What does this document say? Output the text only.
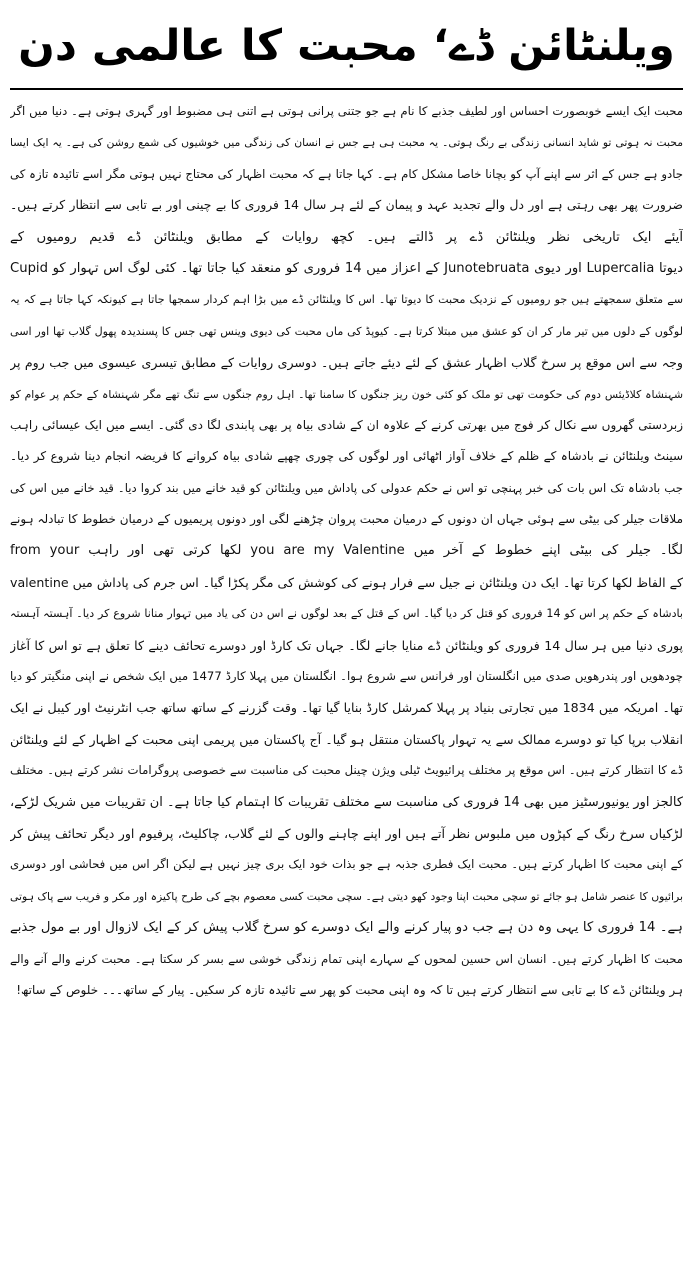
ویلنٹائن ڈے‘ محبت کا عالمی دن
محبت ایک ایسے خوبصورت احساس اور لطیف جذبے کا نام ہے جو جتنی پرانی ہوتی ہے اتنی ہی مضبوط اور گہری ہوتی ہے۔ دنیا میں اگر
محبت نہ ہوتی تو شاید انسانی زندگی بے رنگ ہوتی۔ یہ محبت ہی ہے جس نے انسان کی زندگی میں خوشیوں کی شمع روشن کی ہے۔ یہ ایک ایسا
جادو ہے جس کے اثر سے اپنے آپ کو بچانا خاصا مشکل کام ہے۔ کہا جاتا ہے کہ محبت اظہار کی محتاج نہیں ہوتی مگر اسے تائیدہ تازہ کی
ضرورت پھر بھی رہتی ہے اور دل والے تجدید عہد و پیمان کے لئے ہر سال 14 فروری کا بے چینی اور بے تابی سے انتظار کرتے ہیں۔
آیئے ایک تاریخی نظر ویلنٹائن ڈے پر ڈالتے ہیں۔ کچھ روایات کے مطابق ویلنٹائن ڈے قدیم رومیوں کے
دیوتا Lupercalia اور دیوی Junotebruata کے اعزاز میں 14 فروری کو منعقد کیا جاتا تھا۔ کئی لوگ اس تہوار کو Cupid
سے متعلق سمجھتے ہیں جو رومیوں کے نزدیک محبت کا دیوتا تھا۔ اس کا ویلنٹائن ڈے میں بڑا اہم کردار سمجھا جاتا ہے کیونکہ کہا جاتا ہے کہ یہ
لوگوں کے دلوں میں تیر مار کر ان کو عشق میں مبتلا کرتا ہے۔ کیوپڈ کی ماں محبت کی دیوی وینس تھی جس کا پسندیدہ پھول گلاب تھا اور اسی
وجہ سے اس موقع پر سرخ گلاب اظہار عشق کے لئے دیئے جاتے ہیں۔ دوسری روایات کے مطابق تیسری عیسوی میں جب روم پر
شہنشاہ کلاڈیئس دوم کی حکومت تھی تو ملک کو کئی خون ریز جنگوں کا سامنا تھا۔ اہل روم جنگوں سے تنگ تھے مگر شہنشاہ کے حکم پر عوام کو
زبردستی گھروں سے نکال کر فوج میں بھرتی کرنے کے علاوہ ان کے شادی بیاہ پر بھی پابندی لگا دی گئی۔ ایسے میں ایک عیسائی راہب
سینٹ ویلنٹائن نے بادشاہ کے ظلم کے خلاف آواز اٹھائی اور لوگوں کی چوری چھپے شادی بیاہ کروانے کا فریضہ انجام دینا شروع کر دیا۔
جب بادشاہ تک اس بات کی خبر پہنچی تو اس نے حکم عدولی کی پاداش میں ویلنٹائن کو قید خانے میں بند کروا دیا۔ قید خانے میں اس کی
ملاقات جیلر کی بیٹی سے ہوئی جہاں ان دونوں کے درمیان محبت پروان چڑھنے لگی اور دونوں پریمیوں کے درمیان خطوط کا تبادلہ ہونے
لگا۔ جیلر کی بیٹی اپنے خطوط کے آخر میں you are my Valentine لکھا کرتی تھی اور راہب from your
valentine کے الفاظ لکھا کرتا تھا۔ ایک دن ویلنٹائن نے جیل سے فرار ہونے کی کوشش کی مگر پکڑا گیا۔ اس جرم کی پاداش میں
بادشاہ کے حکم پر اس کو 14 فروری کو قتل کر دیا گیا۔ اس کے قتل کے بعد لوگوں نے اس دن کی یاد میں تہوار منانا شروع کر دیا۔ آہستہ آہستہ
پوری دنیا میں ہر سال 14 فروری کو ویلنٹائن ڈے منایا جانے لگا۔ جہاں تک کارڈ اور دوسرے تحائف دینے کا تعلق ہے تو اس کا آغاز
چودھویں اور پندرھویں صدی میں انگلستان اور فرانس سے شروع ہوا۔ انگلستان میں پہلا کارڈ 1477 میں ایک شخص نے اپنی منگیتر کو دیا
تھا۔ امریکہ میں 1834 میں تجارتی بنیاد پر پہلا کمرشل کارڈ بنایا گیا تھا۔ وقت گزرنے کے ساتھ ساتھ جب انٹرنیٹ اور کیبل نے ایک
انقلاب برپا کیا تو دوسرے ممالک سے یہ تہوار پاکستان منتقل ہو گیا۔ آج پاکستان میں پریمی اپنی محبت کے اظہار کے لئے ویلنٹائن
ڈے کا انتظار کرتے ہیں۔ اس موقع پر مختلف پرائیویٹ ٹیلی ویژن چینل محبت کی مناسبت سے خصوصی پروگرامات نشر کرتے ہیں۔ مختلف
کالجز اور یونیورسٹیز میں بھی 14 فروری کی مناسبت سے مختلف تقریبات کا اہتمام کیا جاتا ہے۔ ان تقریبات میں شریک لڑکے،
لڑکیاں سرخ رنگ کے کپڑوں میں ملبوس نظر آتے ہیں اور اپنے چاہنے والوں کے لئے گلاب، چاکلیٹ، پرفیوم اور دیگر تحائف پیش کر
کے اپنی محبت کا اظہار کرتے ہیں۔ محبت ایک فطری جذبہ ہے جو بذات خود ایک بری چیز نہیں ہے لیکن اگر اس میں فحاشی اور دوسری
برائیوں کا عنصر شامل ہو جائے تو سچی محبت اپنا وجود کھو دیتی ہے۔ سچی محبت کسی معصوم بچے کی طرح پاکیزہ اور مکر و فریب سے پاک ہوتی
ہے۔ 14 فروری کا یہی وہ دن ہے جب دو پیار کرنے والے ایک دوسرے کو سرخ گلاب پیش کر کے ایک لازوال اور بے مول جذبے
محبت کا اظہار کرتے ہیں۔ انسان اس حسین لمحوں کے سہارے اپنی تمام زندگی خوشی سے بسر کر سکتا ہے۔ محبت کرنے والے آنے والے
ہر ویلنٹائن ڈے کا بے تابی سے انتظار کرتے ہیں تا کہ وہ اپنی محبت کو پھر سے تائیدہ تازہ کر سکیں۔ پیار کے ساتھ۔۔۔ خلوص کے ساتھ!
